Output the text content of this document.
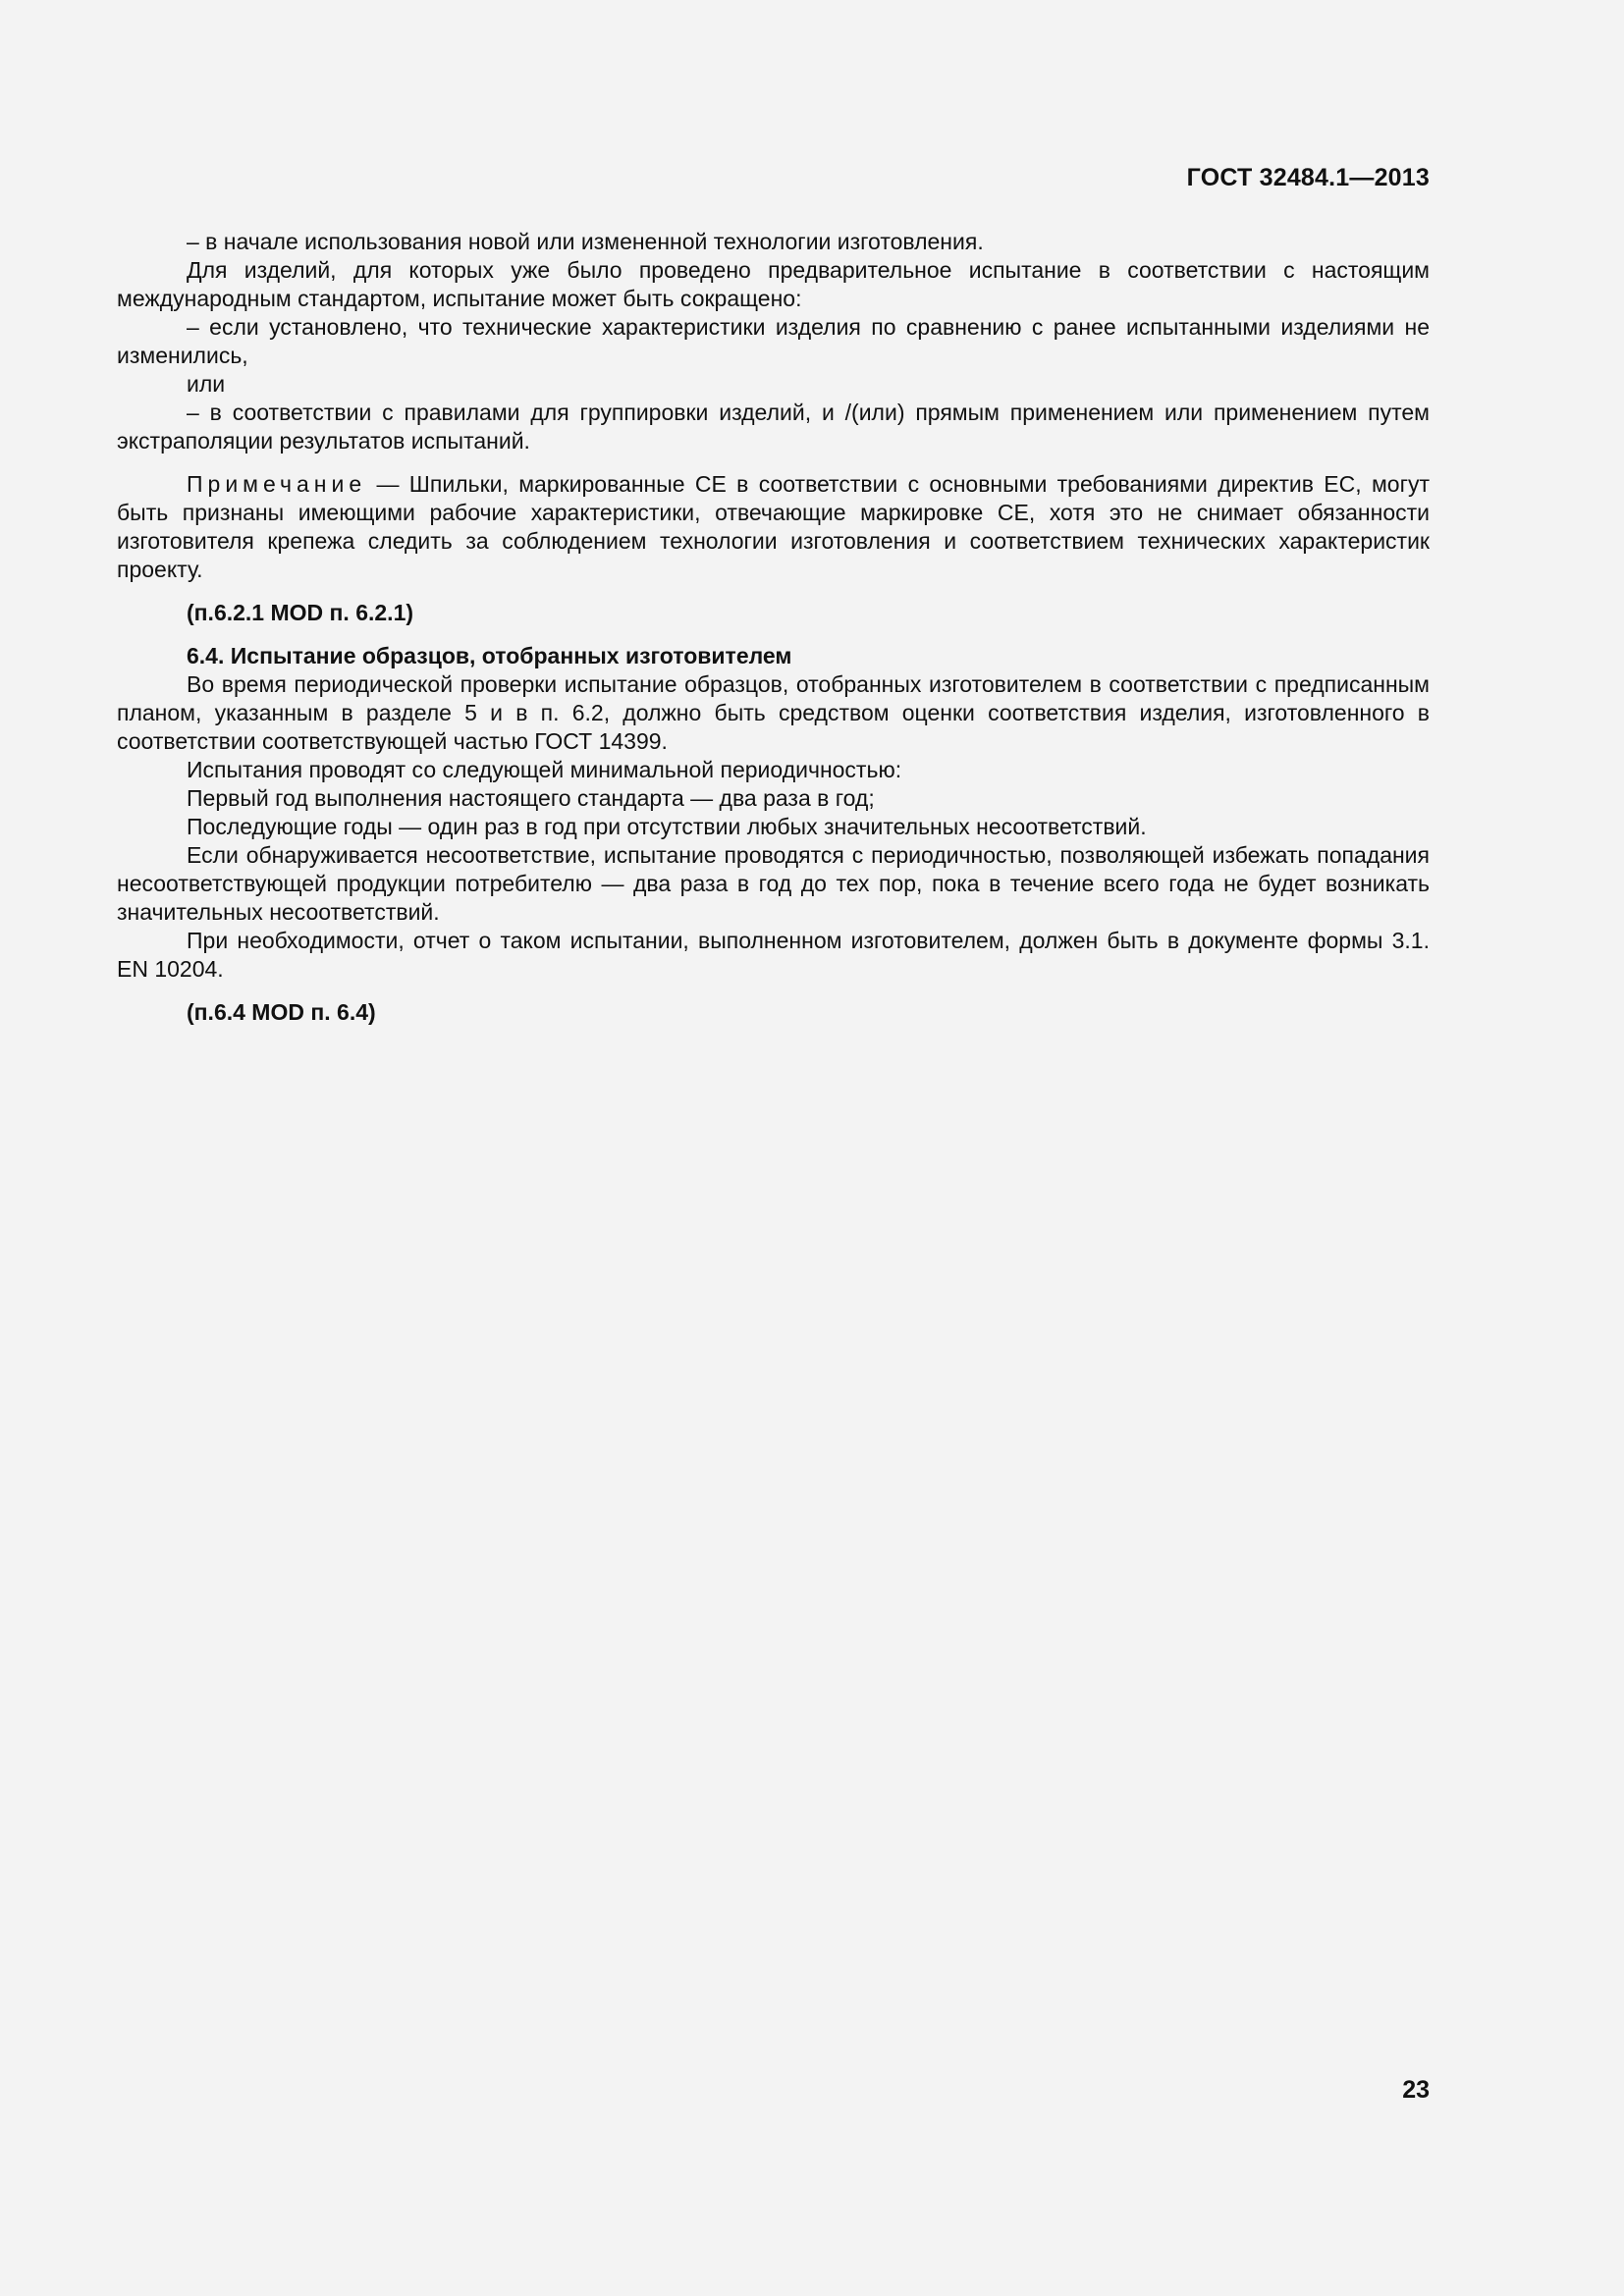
ГОСТ 32484.1—2013

– в начале использования новой или измененной технологии изготовления.

Для изделий, для которых уже было проведено предварительное испытание в соответствии с настоящим международным стандартом, испытание может быть сокращено:

– если установлено, что технические характеристики изделия по сравнению с ранее испытанными изделиями не изменились,

или

– в соответствии с правилами для группировки изделий, и /(или) прямым применением или применением путем экстраполяции результатов испытаний.

Примечание — Шпильки, маркированные CE в соответствии с основными требованиями директив ЕС, могут быть признаны имеющими рабочие характеристики, отвечающие маркировке СЕ, хотя это не снимает обязанности изготовителя крепежа следить за соблюдением технологии изготовления и соответствием технических характеристик проекту.

(п.6.2.1 MOD п. 6.2.1)

6.4. Испытание образцов, отобранных изготовителем

Во время периодической проверки испытание образцов, отобранных изготовителем в соответствии с предписанным планом, указанным в разделе 5 и в п. 6.2, должно быть средством оценки соответствия изделия, изготовленного в соответствии соответствующей частью ГОСТ 14399.

Испытания проводят со следующей минимальной периодичностью:

Первый год выполнения настоящего стандарта — два раза в год;

Последующие годы — один раз в год при отсутствии любых значительных несоответствий.

Если обнаруживается несоответствие, испытание проводятся с периодичностью, позволяющей избежать попадания несоответствующей продукции потребителю — два раза в год до тех пор, пока в течение всего года не будет возникать значительных несоответствий.

При необходимости, отчет о таком испытании, выполненном изготовителем, должен быть в документе формы 3.1. EN 10204.

(п.6.4 MOD п. 6.4)

23
